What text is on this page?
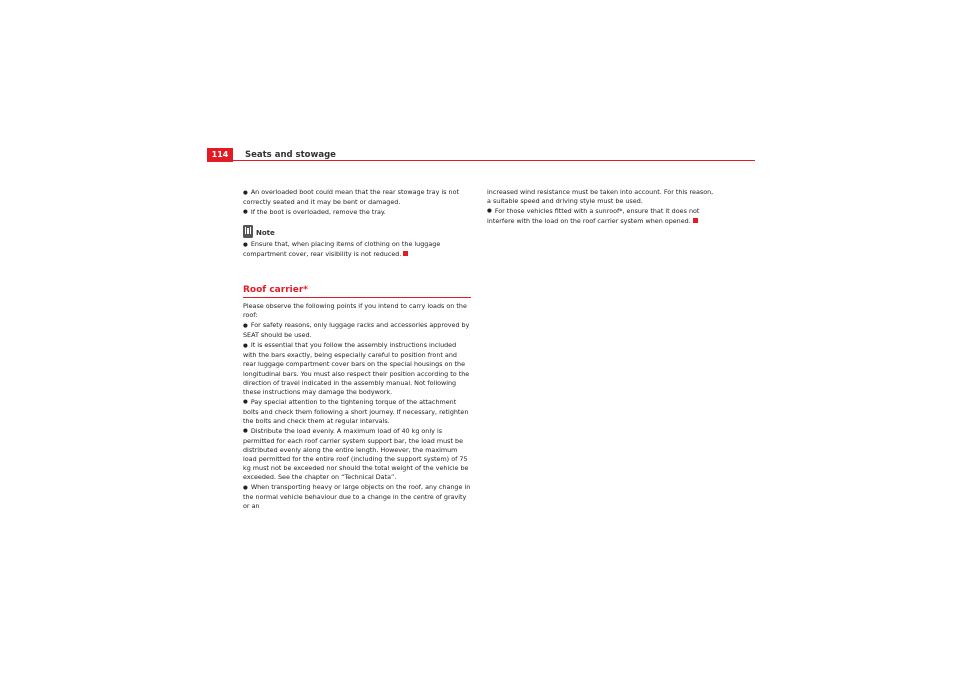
114	Seats and stowage

● An overloaded boot could mean that the rear stowage tray is not correctly seated and it may be bent or damaged.

● If the boot is overloaded, remove the tray.

Note

● Ensure that, when placing items of clothing on the luggage compartment cover, rear visibility is not reduced.

Roof carrier*

Please observe the following points if you intend to carry loads on the roof:

● For safety reasons, only luggage racks and accessories approved by SEAT should be used.

● It is essential that you follow the assembly instructions included with the bars exactly, being especially careful to position front and rear luggage compartment cover bars on the special housings on the longitudinal bars. You must also respect their position according to the direction of travel indicated in the assembly manual. Not following these instructions may damage the bodywork.

● Pay special attention to the tightening torque of the attachment bolts and check them following a short journey. If necessary, retighten the bolts and check them at regular intervals.

● Distribute the load evenly. A maximum load of 40 kg only is permitted for each roof carrier system support bar, the load must be distributed evenly along the entire length. However, the maximum load permitted for the entire roof (including the support system) of 75 kg must not be exceeded nor should the total weight of the vehicle be exceeded. See the chapter on “Technical Data”.

● When transporting heavy or large objects on the roof, any change in the normal vehicle behaviour due to a change in the centre of gravity or an

increased wind resistance must be taken into account. For this reason, a suitable speed and driving style must be used.

● For those vehicles fitted with a sunroof*, ensure that it does not interfere with the load on the roof carrier system when opened.
